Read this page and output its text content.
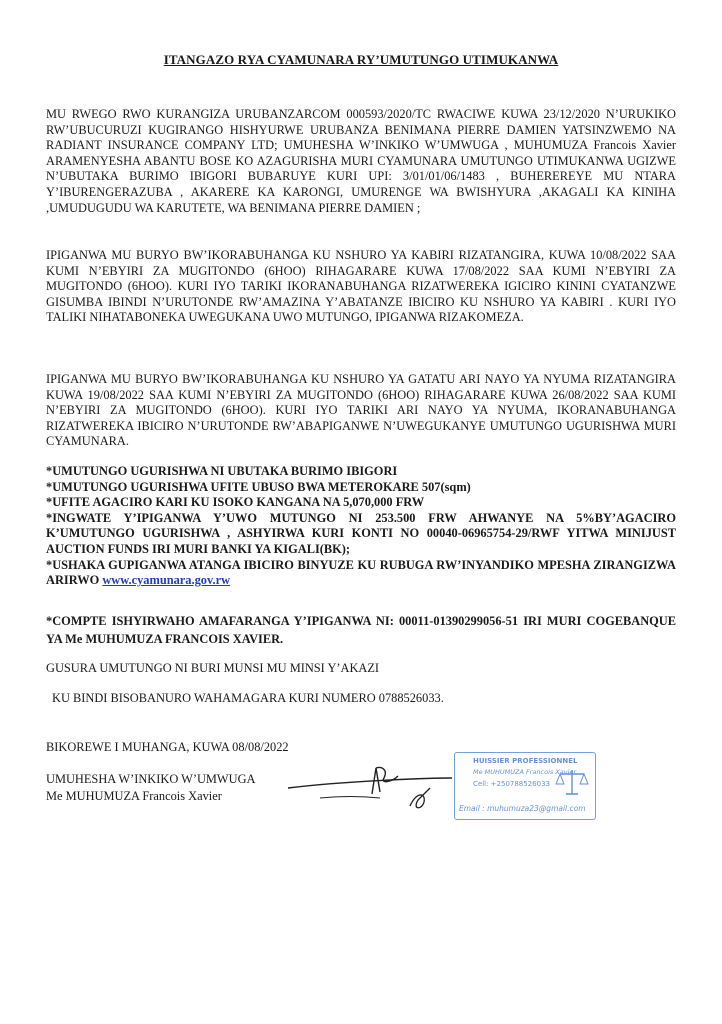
ITANGAZO RYA CYAMUNARA RY’UMUTUNGO UTIMUKANWA

MU RWEGO RWO KURANGIZA URUBANZARCOM 000593/2020/TC RWACIWE KUWA 23/12/2020 N’URUKIKO RW’UBUCURUZI KUGIRANGO HISHYURWE URUBANZA BENIMANA PIERRE DAMIEN YATSINZWEMO NA RADIANT INSURANCE COMPANY LTD; UMUHESHA W’INKIKO W’UMWUGA , MUHUMUZA Francois Xavier ARAMENYESHA ABANTU BOSE KO AZAGURISHA MURI CYAMUNARA UMUTUNGO UTIMUKANWA UGIZWE N’UBUTAKA BURIMO IBIGORI BUBARUYE KURI UPI: 3/01/01/06/1483 , BUHEREREYE MU NTARA Y’IBURENGERAZUBA , AKARERE KA KARONGI, UMURENGE WA BWISHYURA ,AKAGALI KA KINIHA ,UMUDUGUDU WA KARUTETE, WA BENIMANA PIERRE DAMIEN ;

IPIGANWA MU BURYO BW’IKORABUHANGA KU NSHURO YA KABIRI RIZATANGIRA, KUWA 10/08/2022 SAA KUMI N’EBYIRI ZA MUGITONDO (6HOO) RIHAGARARE KUWA 17/08/2022 SAA KUMI N’EBYIRI ZA MUGITONDO (6HOO). KURI IYO TARIKI IKORANABUHANGA RIZATWEREKA IGICIRO KININI CYATANZWE GISUMBA IBINDI N’URUTONDE RW’AMAZINA Y’ABATANZE IBICIRO KU NSHURO YA KABIRI . KURI IYO TALIKI NIHATABONEKA UWEGUKANA UWO MUTUNGO, IPIGANWA RIZAKOMEZA.

IPIGANWA MU BURYO BW’IKORABUHANGA KU NSHURO YA GATATU ARI NAYO YA NYUMA RIZATANGIRA KUWA 19/08/2022 SAA KUMI N’EBYIRI ZA MUGITONDO (6HOO) RIHAGARARE KUWA 26/08/2022 SAA KUMI N’EBYIRI ZA MUGITONDO (6HOO). KURI IYO TARIKI ARI NAYO YA NYUMA, IKORANABUHANGA RIZATWEREKA IBICIRO N’URUTONDE RW’ABAPIGANWE N’UWEGUKANYE UMUTUNGO UGURISHWA MURI CYAMUNARA.

*UMUTUNGO UGURISHWA NI UBUTAKA BURIMO IBIGORI
*UMUTUNGO UGURISHWA UFITE UBUSO BWA METEROKARE 507(sqm)
*UFITE AGACIRO KARI KU ISOKO KANGANA NA 5,070,000 FRW
*INGWATE Y’IPIGANWA Y’UWO MUTUNGO NI 253.500 FRW AHWANYE NA 5%BY’AGACIRO K’UMUTUNGO UGURISHWA , ASHYIRWA KURI KONTI NO 00040-06965754-29/RWF YITWA MINIJUST AUCTION FUNDS IRI MURI BANKI YA KIGALI(BK);
*USHAKA GUPIGANWA ATANGA IBICIRO BINYUZE KU RUBUGA RW’INYANDIKO MPESHA ZIRANGIZWA ARIRWO www.cyamunara.gov.rw
*COMPTE ISHYIRWAHO AMAFARANGA Y’IPIGANWA NI: 00011-01390299056-51 IRI MURI COGEBANQUE YA Me MUHUMUZA FRANCOIS XAVIER.
GUSURA UMUTUNGO NI BURI MUNSI MU MINSI Y’AKAZI
KU BINDI BISOBANURO WAHAMAGARA KURI NUMERO 0788526033.
BIKOREWE I MUHANGA, KUWA 08/08/2022
UMUHESHA W’INKIKO W’UMWUGA
Me MUHUMUZA Francois Xavier
HUISSIER PROFESSIONNEL
Me MUHUMUZA Francois Xavier
Cell: +250788526033
Email : muhumuza23@gmail.com
